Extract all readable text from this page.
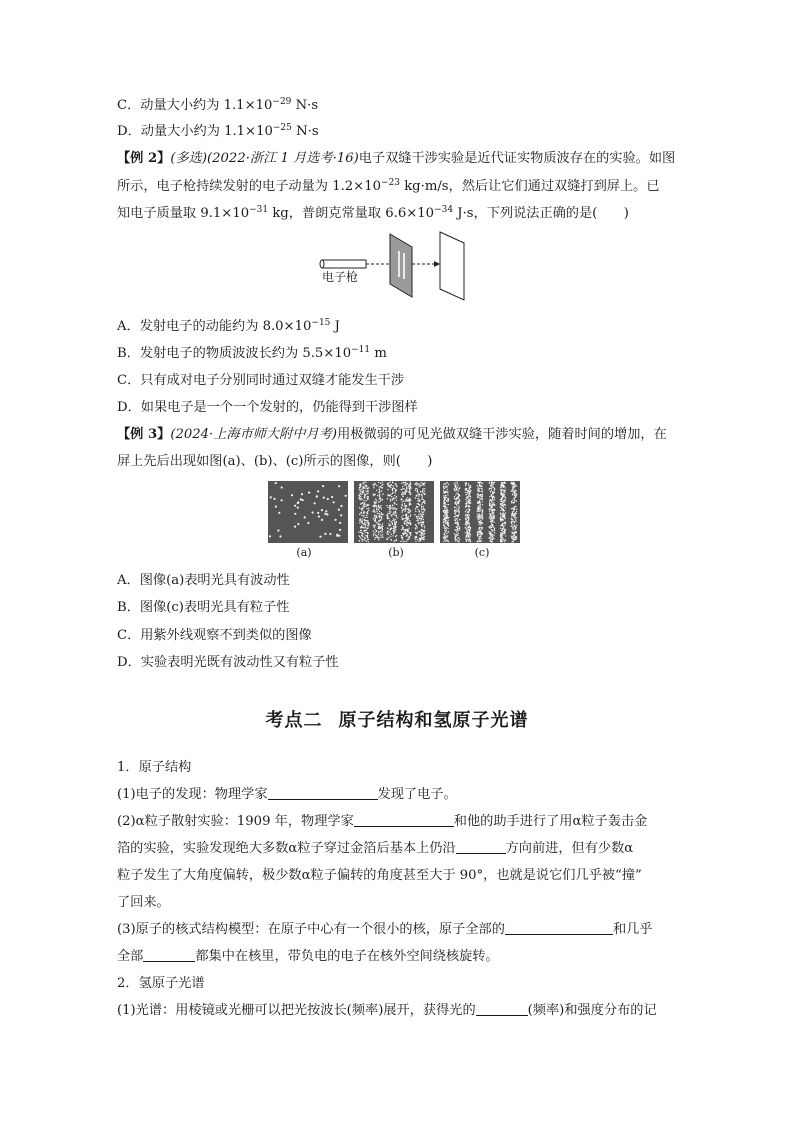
C．动量大小约为 $1.1\times 10^{-29}$ N·s
D．动量大小约为 $1.1\times 10^{-25}$ N·s
【例 2】(多选)(2022·浙江 1 月选考·16)电子双缝干涉实验是近代证实物质波存在的实验。如图
所示，电子枪持续发射的电子动量为 $1.2\times 10^{-23}$ kg·m/s，然后让它们通过双缝打到屏上。已
知电子质量取 $9.1\times 10^{-31}$ kg，普朗克常量取 $6.6\times 10^{-34}$ J·s，下列说法正确的是(　　)
电子枪
A．发射电子的动能约为 $8.0\times 10^{-15}$ J
B．发射电子的物质波波长约为 $5.5\times 10^{-11}$ m
C．只有成对电子分别同时通过双缝才能发生干涉
D．如果电子是一个一个发射的，仍能得到干涉图样
【例 3】(2024·上海市师大附中月考)用极微弱的可见光做双缝干涉实验，随着时间的增加，在
屏上先后出现如图(a)、(b)、(c)所示的图像，则(　　)
(a)	(b)	(c)
A．图像(a)表明光具有波动性
B．图像(c)表明光具有粒子性
C．用紫外线观察不到类似的图像
D．实验表明光既有波动性又有粒子性
考点二 原子结构和氢原子光谱
1．原子结构
(1)电子的发现：物理学家	发现了电子。
(2)α粒子散射实验：1909 年，物理学家	和他的助手进行了用α粒子轰击金
箔的实验，实验发现绝大多数α粒子穿过金箔后基本上仍沿	方向前进，但有少数α
粒子发生了大角度偏转，极少数α粒子偏转的角度甚至大于 90°，也就是说它们几乎被“撞”
了回来。
(3)原子的核式结构模型：在原子中心有一个很小的核，原子全部的	和几乎
全部	都集中在核里，带负电的电子在核外空间绕核旋转。
2．氢原子光谱
(1)光谱：用棱镜或光栅可以把光按波长(频率)展开，获得光的	(频率)和强度分布的记
